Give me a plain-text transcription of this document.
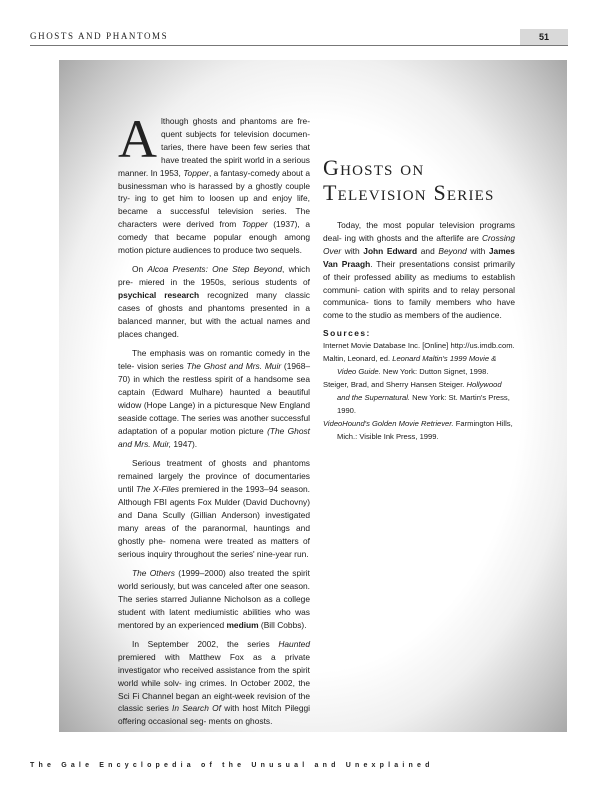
GHOSTS AND PHANTOMS	51

Although ghosts and phantoms are fre- quent subjects for television documen- taries, there have been few series that have treated the spirit world in a serious manner. In 1953, Topper, a fantasy-comedy about a businessman who is harassed by a ghostly couple try- ing to get him to loosen up and enjoy life, became a successful television series. The characters were derived from Topper (1937), a comedy that became popular enough among motion picture audiences to produce two sequels.

On Alcoa Presents: One Step Beyond, which pre- miered in the 1950s, serious students of psychical research recognized many classic cases of ghosts and phantoms presented in a balanced manner, but with the actual names and places changed.

The emphasis was on romantic comedy in the tele- vision series The Ghost and Mrs. Muir (1968–70) in which the restless spirit of a handsome sea captain (Edward Mulhare) haunted a beautiful widow (Hope Lange) in a picturesque New England seaside cottage. The series was another successful adaptation of a popular motion picture (The Ghost and Mrs. Muir, 1947).

Serious treatment of ghosts and phantoms remained largely the province of documentaries until The X-Files premiered in the 1993–94 season. Although FBI agents Fox Mulder (David Duchovny) and Dana Scully (Gillian Anderson) investigated many areas of the paranormal, hauntings and ghostly phe- nomena were treated as matters of serious inquiry throughout the series' nine-year run.

The Others (1999–2000) also treated the spirit world seriously, but was canceled after one season. The series starred Julianne Nicholson as a college student with latent mediumistic abilities who was mentored by an experienced medium (Bill Cobbs).

In September 2002, the series Haunted premiered with Matthew Fox as a private investigator who received assistance from the spirit world while solv- ing crimes. In October 2002, the Sci Fi Channel began an eight-week revision of the classic series In Search Of with host Mitch Pileggi offering occasional seg- ments on ghosts.

Ghosts on
Television Series

Today, the most popular television programs deal- ing with ghosts and the afterlife are Crossing Over with John Edward and Beyond with James Van Praagh. Their presentations consist primarily of their professed ability as mediums to establish communi- cation with spirits and to relay personal communica- tions to family members who have come to the studio as members of the audience.

Sources:
Internet Movie Database Inc. [Online] http://us.imdb.com.
Maltin, Leonard, ed. Leonard Maltin's 1999 Movie & Video Guide. New York: Dutton Signet, 1998.
Steiger, Brad, and Sherry Hansen Steiger. Hollywood and the Supernatural. New York: St. Martin's Press, 1990.
VideoHound's Golden Movie Retriever. Farmington Hills, Mich.: Visible Ink Press, 1999.
The Gale Encyclopedia of the Unusual and Unexplained
